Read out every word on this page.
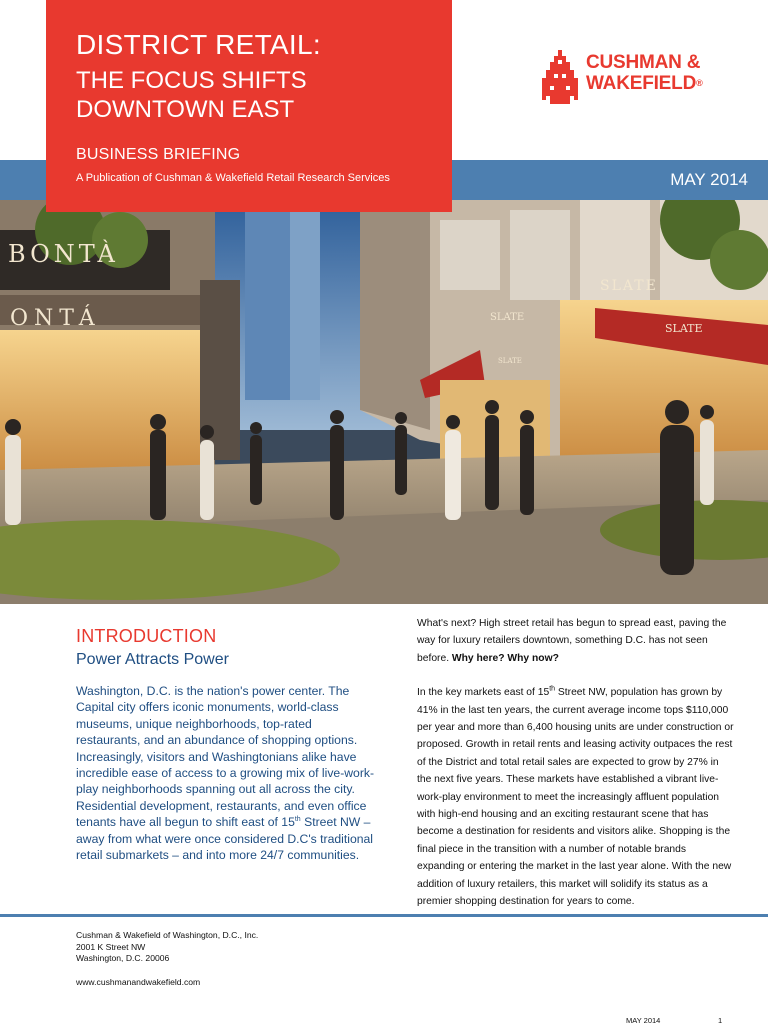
DISTRICT RETAIL:
THE FOCUS SHIFTS
DOWNTOWN EAST
BUSINESS BRIEFING
A Publication of Cushman & Wakefield Retail Research Services	MAY 2014
CUSHMAN &
WAKEFIELD®
BONTÀ
ONTÁ
SLATE
SLATE
SLATE
SLATE
INTRODUCTION
Power Attracts Power
Washington, D.C. is the nation's power center. The Capital city offers iconic monuments, world-class museums, unique neighborhoods, top-rated restaurants, and an abundance of shopping options. Increasingly, visitors and Washingtonians alike have incredible ease of access to a growing mix of live-work-play neighborhoods spanning out all across the city. Residential development, restaurants, and even office tenants have all begun to shift east of 15th Street NW – away from what were once considered D.C's traditional retail submarkets – and into more 24/7 communities.

What's next? High street retail has begun to spread east, paving the way for luxury retailers downtown, something D.C. has not seen before. Why here? Why now?

In the key markets east of 15th Street NW, population has grown by 41% in the last ten years, the current average income tops $110,000 per year and more than 6,400 housing units are under construction or proposed. Growth in retail rents and leasing activity outpaces the rest of the District and total retail sales are expected to grow by 27% in the next five years. These markets have established a vibrant live-work-play environment to meet the increasingly affluent population with high-end housing and an exciting restaurant scene that has become a destination for residents and visitors alike. Shopping is the final piece in the transition with a number of notable brands expanding or entering the market in the last year alone. With the new addition of luxury retailers, this market will solidify its status as a premier shopping destination for years to come.

Cushman & Wakefield of Washington, D.C., Inc.
2001 K Street NW
Washington, D.C. 20006
www.cushmanandwakefield.com
MAY 2014	1
